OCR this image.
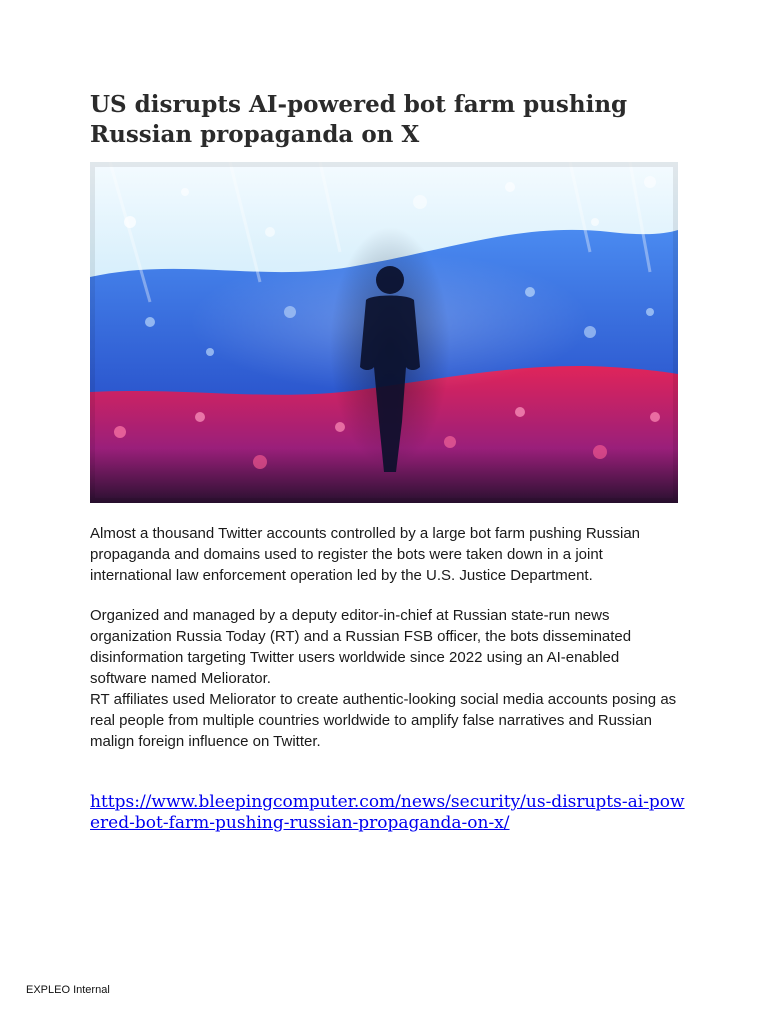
US disrupts AI-powered bot farm pushing Russian propaganda on X

Almost a thousand Twitter accounts controlled by a large bot farm pushing Russian propaganda and domains used to register the bots were taken down in a joint international law enforcement operation led by the U.S. Justice Department.

Organized and managed by a deputy editor-in-chief at Russian state-run news organization Russia Today (RT) and a Russian FSB officer, the bots disseminated disinformation targeting Twitter users worldwide since 2022 using an AI-enabled software named Meliorator.

RT affiliates used Meliorator to create authentic-looking social media accounts posing as real people from multiple countries worldwide to amplify false narratives and Russian malign foreign influence on Twitter.

https://www.bleepingcomputer.com/news/security/us-disrupts-ai-powered-bot-farm-pushing-russian-propaganda-on-x/

EXPLEO Internal
